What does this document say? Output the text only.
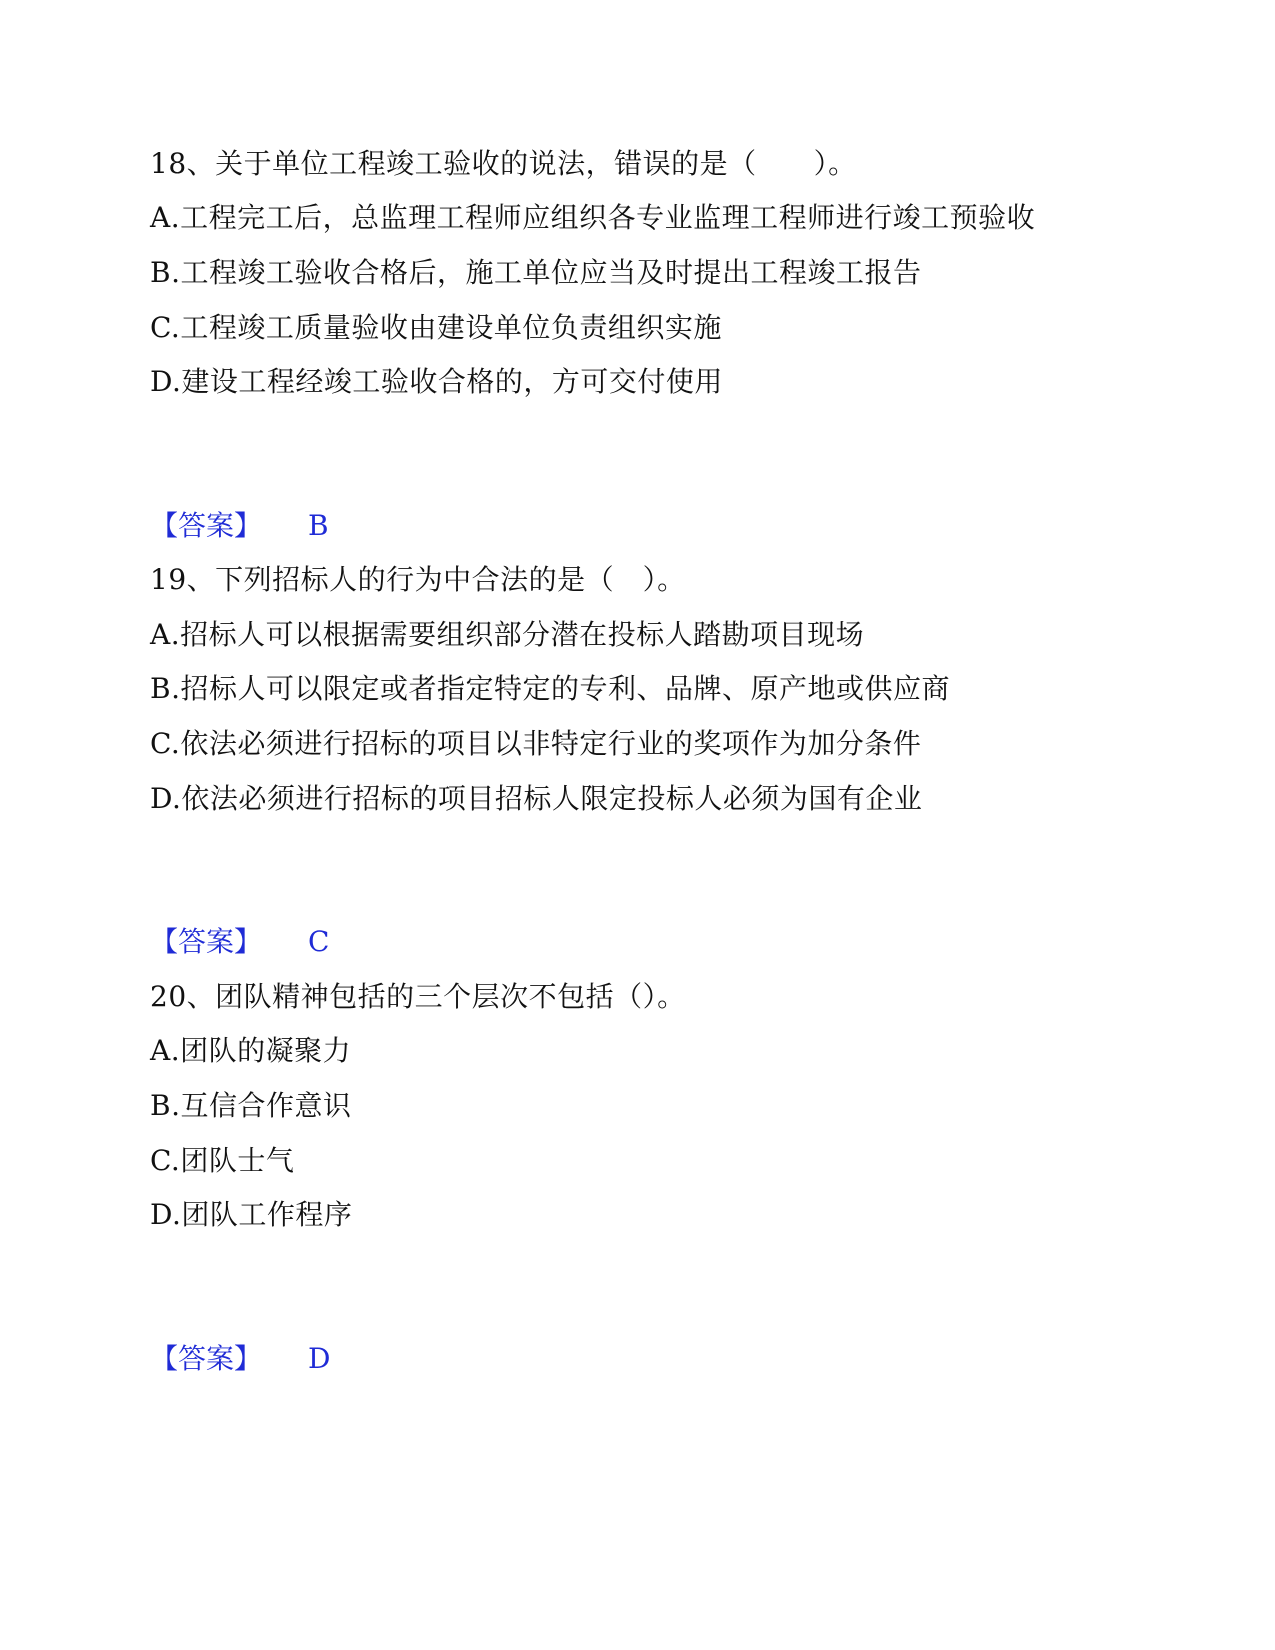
18、关于单位工程竣工验收的说法，错误的是（　　）。
A.工程完工后，总监理工程师应组织各专业监理工程师进行竣工预验收
B.工程竣工验收合格后，施工单位应当及时提出工程竣工报告
C.工程竣工质量验收由建设单位负责组织实施
D.建设工程经竣工验收合格的，方可交付使用
【答案】 B
19、下列招标人的行为中合法的是（　）。
A.招标人可以根据需要组织部分潜在投标人踏勘项目现场
B.招标人可以限定或者指定特定的专利、品牌、原产地或供应商
C.依法必须进行招标的项目以非特定行业的奖项作为加分条件
D.依法必须进行招标的项目招标人限定投标人必须为国有企业
【答案】 C
20、团队精神包括的三个层次不包括（）。
A.团队的凝聚力
B.互信合作意识
C.团队士气
D.团队工作程序
【答案】 D
